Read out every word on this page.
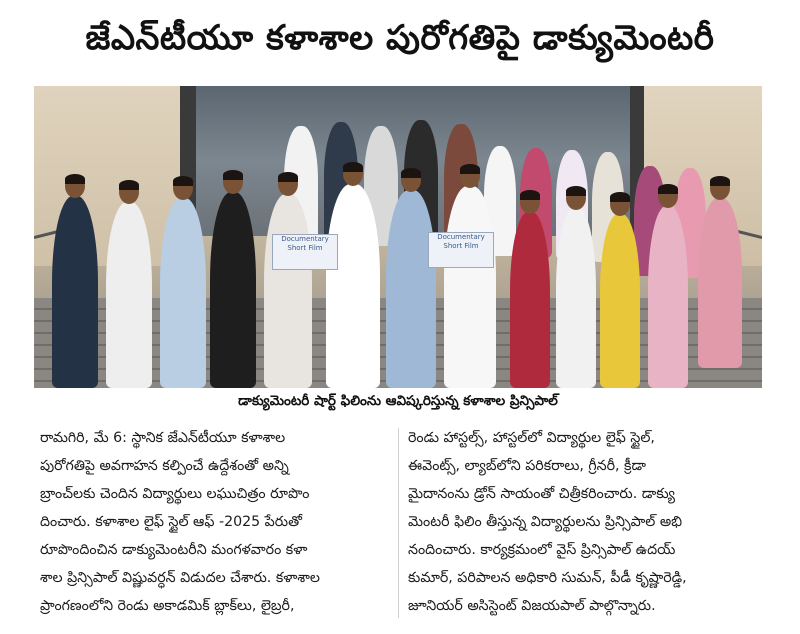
జేఎన్‌టీయూ కళాశాల పురోగతిపై డాక్యుమెంటరీ
Documentary Short Film
Documentary Short Film
డాక్యుమెంటరీ షార్ట్ ఫిలింను ఆవిష్కరిస్తున్న కళాశాల ప్రిన్సిపాల్
రామగిరి, మే 6: స్థానిక జేఎన్‌టీయూ కళాశాల
పురోగతిపై అవగాహన కల్పించే ఉద్దేశంతో అన్ని
బ్రాంచ్‌లకు చెందిన విద్యార్థులు లఘుచిత్రం రూపొం
దించారు. కళాశాల లైఫ్ స్టైల్ ఆఫ్ -2025 పేరుతో
రూపొందించిన డాక్యుమెంటరీని మంగళవారం కళా
శాల ప్రిన్సిపాల్ విష్ణువర్ధన్ విడుదల చేశారు. కళాశాల
ప్రాంగణంలోని రెండు అకాడమిక్ బ్లాక్‌లు, లైబ్రరీ,
రెండు హాస్టల్స్, హాస్టల్‌లో విద్యార్థుల లైఫ్ స్టైల్,
ఈవెంట్స్, ల్యాబ్‌లోని పరికరాలు, గ్రీనరీ, క్రీడా
మైదానంను డ్రోన్ సాయంతో చిత్రీకరించారు. డాక్యు
మెంటరీ ఫిలిం తీస్తున్న విద్యార్థులను ప్రిన్సిపాల్ అభి
నందించారు. కార్యక్రమంలో వైస్ ప్రిన్సిపాల్ ఉదయ్
కుమార్, పరిపాలన అధికారి సుమన్, పీడీ కృష్ణారెడ్డి,
జూనియర్ అసిస్టెంట్ విజయపాల్ పాల్గొన్నారు.
